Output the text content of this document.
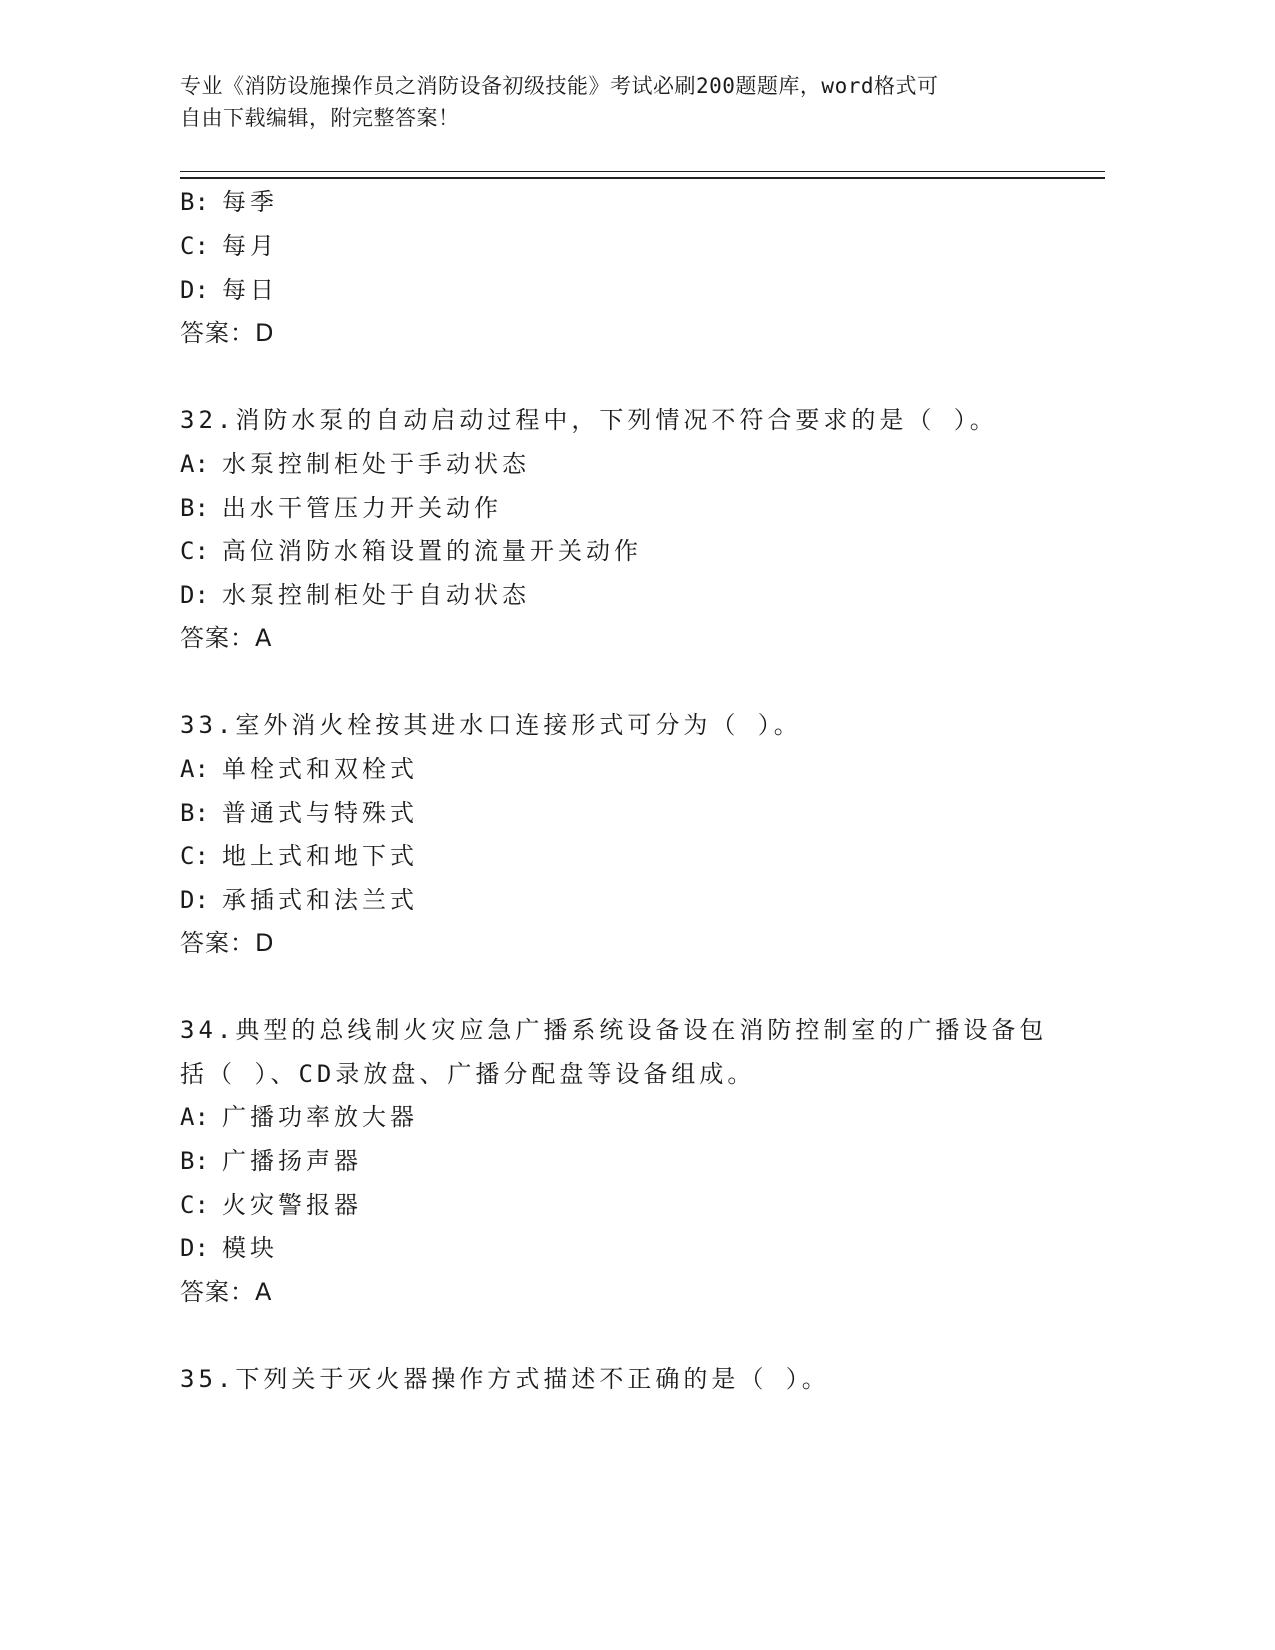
专业《消防设施操作员之消防设备初级技能》考试必刷200题题库，word格式可
自由下载编辑，附完整答案！
B: 每季
C: 每月
D: 每日
答案：D
32.消防水泵的自动启动过程中，下列情况不符合要求的是（ ）。
A: 水泵控制柜处于手动状态
B: 出水干管压力开关动作
C: 高位消防水箱设置的流量开关动作
D: 水泵控制柜处于自动状态
答案：A
33.室外消火栓按其进水口连接形式可分为（ ）。
A: 单栓式和双栓式
B: 普通式与特殊式
C: 地上式和地下式
D: 承插式和法兰式
答案：D
34.典型的总线制火灾应急广播系统设备设在消防控制室的广播设备包
括（ ）、CD录放盘、广播分配盘等设备组成。
A: 广播功率放大器
B: 广播扬声器
C: 火灾警报器
D: 模块
答案：A
35.下列关于灭火器操作方式描述不正确的是（ ）。
